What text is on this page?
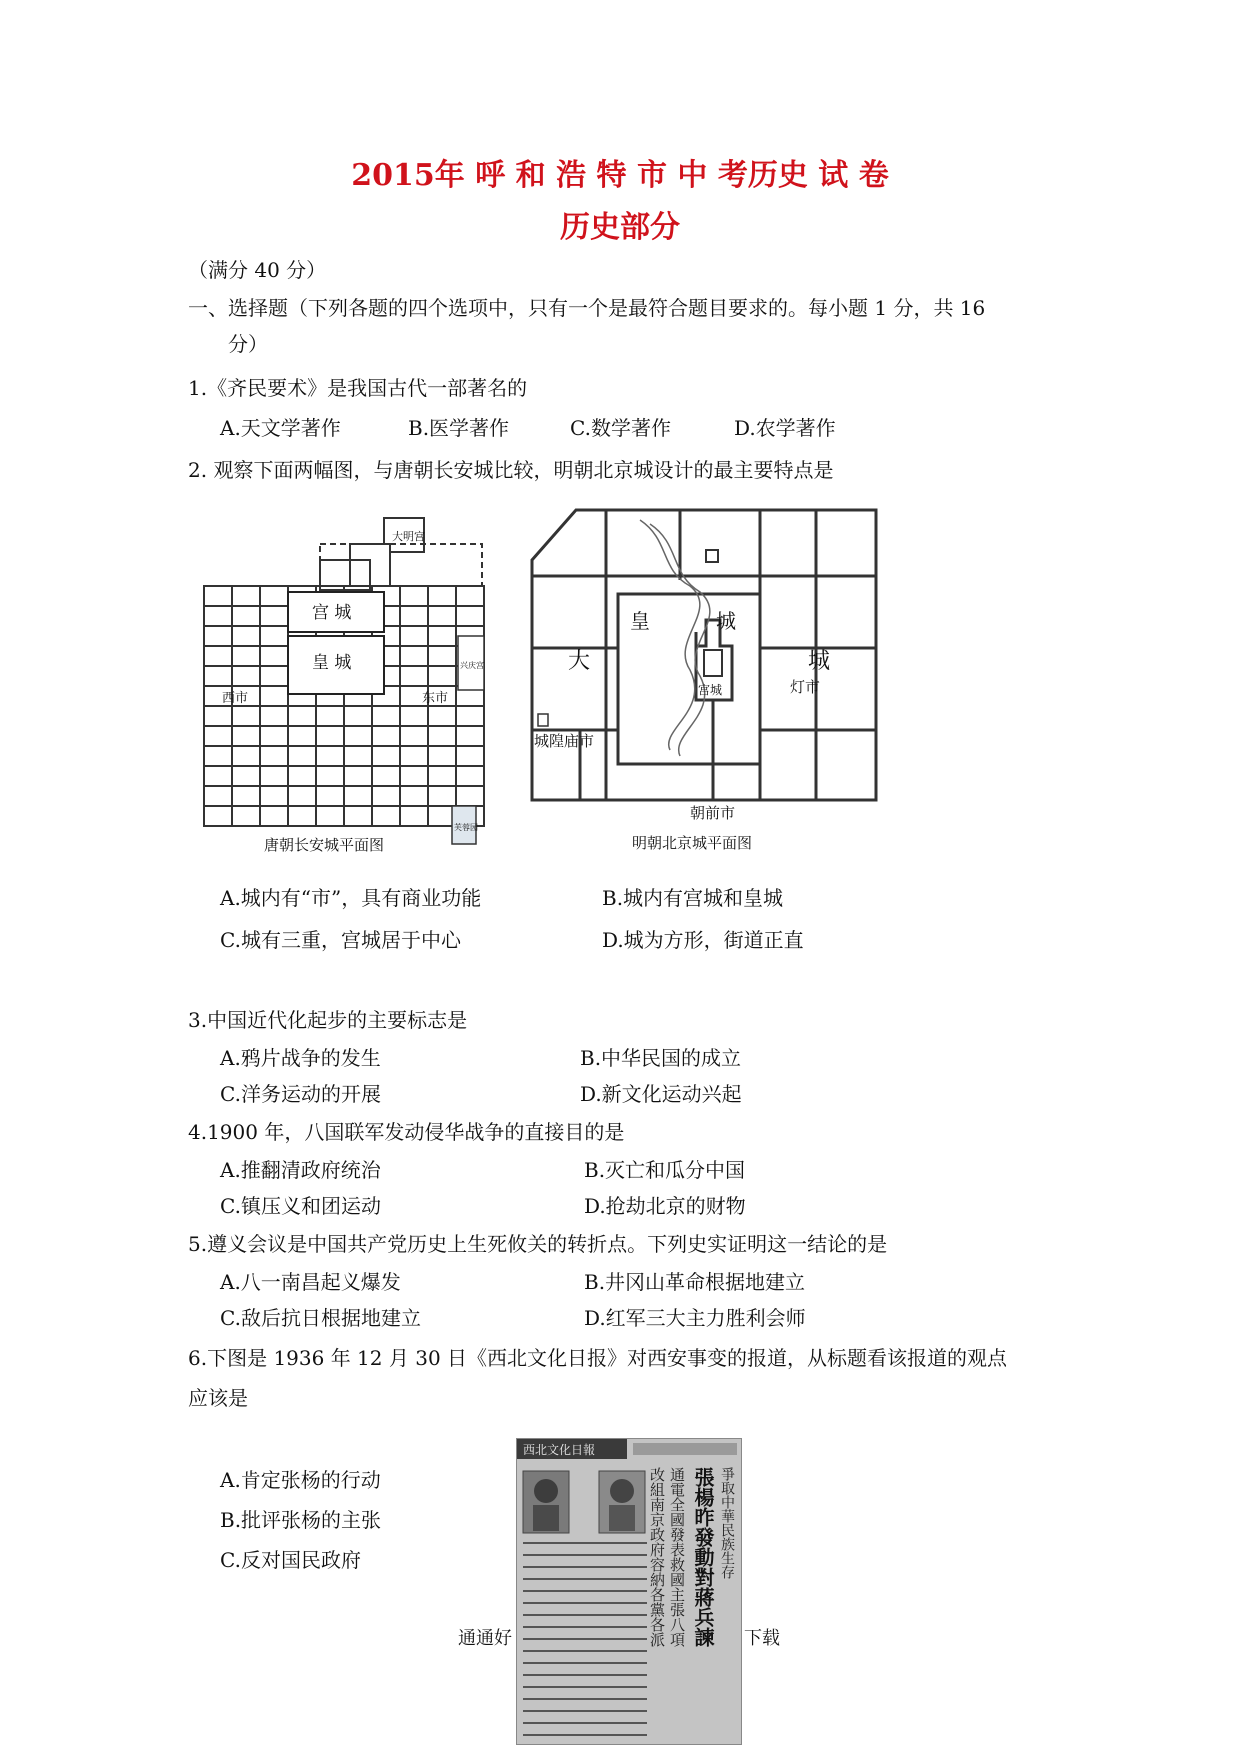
2015年 呼 和 浩 特 市 中 考历史 试 卷
历史部分
（满分 40 分）
一、选择题（下列各题的四个选项中，只有一个是最符合题目要求的。每小题 1 分，共 16
分）
1.《齐民要术》是我国古代一部著名的
A.天文学著作	B.医学著作	C.数学著作	D.农学著作
2. 观察下面两幅图，与唐朝长安城比较，明朝北京城设计的最主要特点是
大明宫
宫 城
皇 城
西市	东市
兴庆宫
芙蓉园
唐朝长安城平面图
皇	城
大	城
宫城	灯市
城隍庙市
朝前市
明朝北京城平面图
A.城内有“市”，具有商业功能	B.城内有宫城和皇城
C.城有三重，宫城居于中心	D.城为方形，街道正直
3.中国近代化起步的主要标志是
A.鸦片战争的发生	B.中华民国的成立
C.洋务运动的开展	D.新文化运动兴起
4.1900 年，八国联军发动侵华战争的直接目的是
A.推翻清政府统治	B.灭亡和瓜分中国
C.镇压义和团运动	D.抢劫北京的财物
5.遵义会议是中国共产党历史上生死攸关的转折点。下列史实证明这一结论的是
A.八一南昌起义爆发	B.井冈山革命根据地建立
C.敌后抗日根据地建立	D.红军三大主力胜利会师
6.下图是 1936 年 12 月 30 日《西北文化日报》对西安事变的报道，从标题看该报道的观点
应该是
A.肯定张杨的行动
B.批评张杨的主张
C.反对国民政府
西北文化日報
爭取中華民族生存
張楊昨發動對蔣兵諫
通電全國發表救國主張八項
改組南京政府容納各黨各派
通通好	下载
